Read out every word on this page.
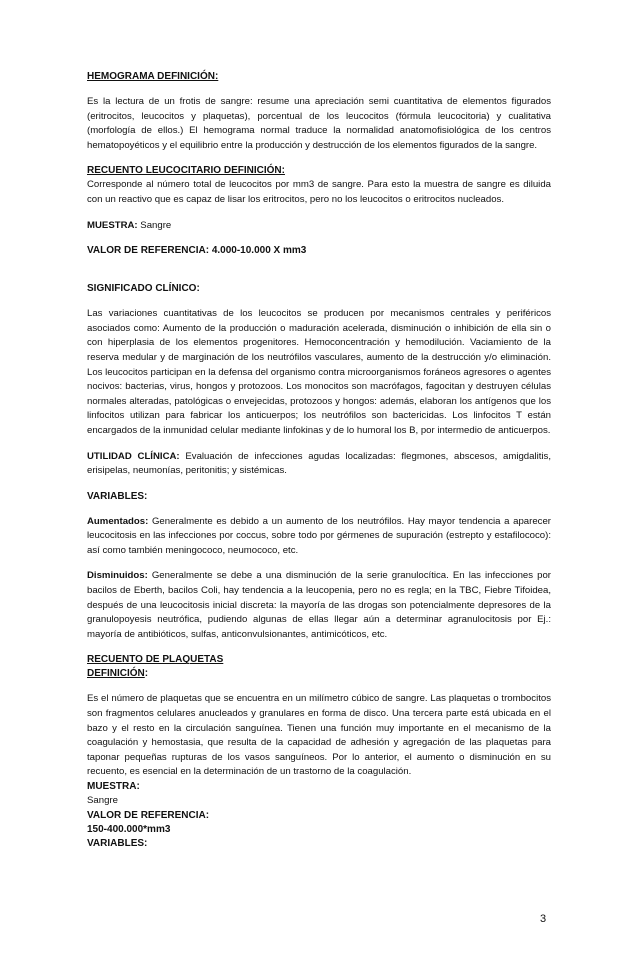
HEMOGRAMA DEFINICIÓN:

Es la lectura de un frotis de sangre: resume una apreciación semi cuantitativa de elementos figurados (eritrocitos, leucocitos y plaquetas), porcentual de los leucocitos (fórmula leucocitoria) y cualitativa (morfología de ellos.) El hemograma normal traduce la normalidad anatomofisiológica de los centros hematopoyéticos y el equilibrio entre la producción y destrucción de los elementos figurados de la sangre.

RECUENTO LEUCOCITARIO DEFINICIÓN:

Corresponde al número total de leucocitos por mm3 de sangre. Para esto la muestra de sangre es diluida con un reactivo que es capaz de lisar los eritrocitos, pero no los leucocitos o eritrocitos nucleados.

MUESTRA: Sangre

VALOR DE REFERENCIA: 4.000-10.000 X mm3

SIGNIFICADO CLÍNICO:

Las variaciones cuantitativas de los leucocitos se producen por mecanismos centrales y periféricos asociados como: Aumento de la producción o maduración acelerada, disminución o inhibición de ella sin o con hiperplasia de los elementos progenitores. Hemoconcentración y hemodilución. Vaciamiento de la reserva medular y de marginación de los neutrófilos vasculares, aumento de la destrucción y/o eliminación. Los leucocitos participan en la defensa del organismo contra microorganismos foráneos agresores o agentes nocivos: bacterias, virus, hongos y protozoos. Los monocitos son macrófagos, fagocitan y destruyen células normales alteradas, patológicas o envejecidas, protozoos y hongos: además, elaboran los antígenos que los linfocitos utilizan para fabricar los anticuerpos; los neutrófilos son bactericidas. Los linfocitos T están encargados de la inmunidad celular mediante linfokinas y de lo humoral los B, por intermedio de anticuerpos.

UTILIDAD CLÍNICA: Evaluación de infecciones agudas localizadas: flegmones, abscesos, amigdalitis, erisipelas, neumonías, peritonitis; y sistémicas.

VARIABLES:

Aumentados: Generalmente es debido a un aumento de los neutrófilos. Hay mayor tendencia a aparecer leucocitosis en las infecciones por coccus, sobre todo por gérmenes de supuración (estrepto y estafilococo): así como también meningococo, neumococo, etc.

Disminuidos: Generalmente se debe a una disminución de la serie granulocítica. En las infecciones por bacilos de Eberth, bacilos Coli, hay tendencia a la leucopenia, pero no es regla; en la TBC, Fiebre Tifoidea, después de una leucocitosis inicial discreta: la mayoría de las drogas son potencialmente depresores de la granulopoyesis neutrófica, pudiendo algunas de ellas llegar aún a determinar agranulocitosis por Ej.: mayoría de antibióticos, sulfas, anticonvulsionantes, antimicóticos, etc.

RECUENTO DE PLAQUETAS

DEFINICIÓN:

Es el número de plaquetas que se encuentra en un milímetro cúbico de sangre. Las plaquetas o trombocitos son fragmentos celulares anucleados y granulares en forma de disco. Una tercera parte está ubicada en el bazo y el resto en la circulación sanguínea. Tienen una función muy importante en el mecanismo de la coagulación y hemostasia, que resulta de la capacidad de adhesión y agregación de las plaquetas para taponar pequeñas rupturas de los vasos sanguíneos. Por lo anterior, el aumento o disminución en su recuento, es esencial en la determinación de un trastorno de la coagulación.

MUESTRA:

Sangre

VALOR DE REFERENCIA:

150-400.000*mm3

VARIABLES:

3
